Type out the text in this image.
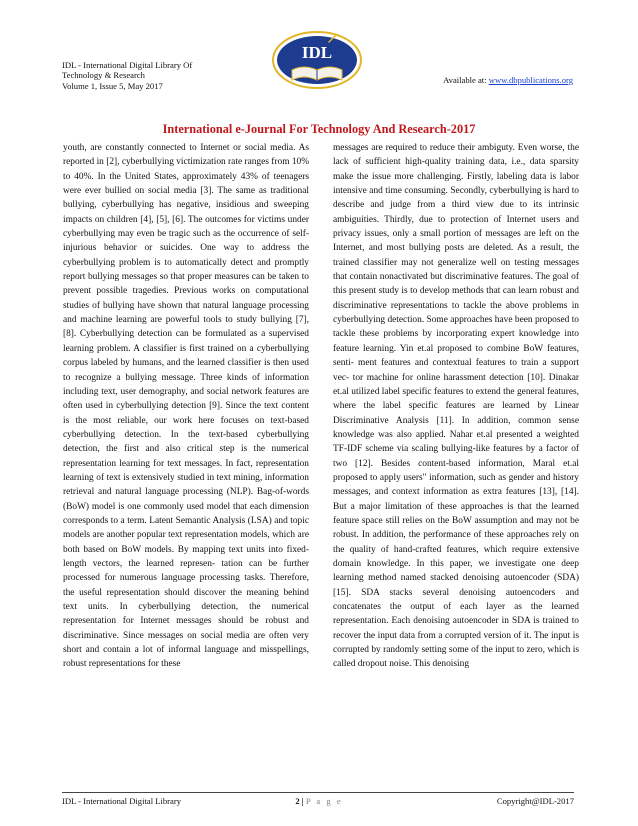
IDL - International Digital Library Of
Technology & Research
Volume 1, Issue 5, May 2017
IDL
Available at: www.dbpublications.org
International e-Journal For Technology And Research-2017

youth, are constantly connected to Internet or social media. As reported in [2], cyberbullying victimization rate ranges from 10% to 40%. In the United States, approximately 43% of teenagers were ever bullied on social media [3]. The same as traditional bullying, cyberbullying has negative, insidious and sweeping impacts on children [4], [5], [6]. The outcomes for victims under cyberbullying may even be tragic such as the occurrence of self-injurious behavior or suicides. One way to address the cyberbullying problem is to automatically detect and promptly report bullying messages so that proper measures can be taken to prevent possible tragedies. Previous works on computational studies of bullying have shown that natural language processing and machine learning are powerful tools to study bullying [7], [8]. Cyberbullying detection can be formulated as a supervised learning problem. A classifier is first trained on a cyberbullying corpus labeled by humans, and the learned classifier is then used to recognize a bullying message. Three kinds of information including text, user demography, and social network features are often used in cyberbullying detection [9]. Since the text content is the most reliable, our work here focuses on text-based cyberbullying detection. In the text-based cyberbullying detection, the first and also critical step is the numerical representation learning for text messages. In fact, representation learning of text is extensively studied in text mining, information retrieval and natural language processing (NLP). Bag-of-words (BoW) model is one commonly used model that each dimension corresponds to a term. Latent Semantic Analysis (LSA) and topic models are another popular text representation models, which are both based on BoW models. By mapping text units into fixed-length vectors, the learned represen- tation can be further processed for numerous language processing tasks. Therefore, the useful representation should discover the meaning behind text units. In cyberbullying detection, the numerical representation for Internet messages should be robust and discriminative. Since messages on social media are often very short and contain a lot of informal language and misspellings, robust representations for these

messages are required to reduce their ambiguty. Even worse, the lack of sufficient high-quality training data, i.e., data sparsity make the issue more challenging. Firstly, labeling data is labor intensive and time consuming. Secondly, cyberbullying is hard to describe and judge from a third view due to its intrinsic ambiguities. Thirdly, due to protection of Internet users and privacy issues, only a small portion of messages are left on the Internet, and most bullying posts are deleted. As a result, the trained classifier may not generalize well on testing messages that contain nonactivated but discriminative features. The goal of this present study is to develop methods that can learn robust and discriminative representations to tackle the above problems in cyberbullying detection. Some approaches have been proposed to tackle these problems by incorporating expert knowledge into feature learning. Yin et.al proposed to combine BoW features, senti- ment features and contextual features to train a support vec- tor machine for online harassment detection [10]. Dinakar et.al utilized label specific features to extend the general features, where the label specific features are learned by Linear Discriminative Analysis [11]. In addition, common sense knowledge was also applied. Nahar et.al presented a weighted TF-IDF scheme via scaling bullying-like features by a factor of two [12]. Besides content-based information, Maral et.al proposed to apply users" information, such as gender and history messages, and context information as extra features [13], [14]. But a major limitation of these approaches is that the learned feature space still relies on the BoW assumption and may not be robust. In addition, the performance of these approaches rely on the quality of hand-crafted features, which require extensive domain knowledge. In this paper, we investigate one deep learning method named stacked denoising autoencoder (SDA) [15]. SDA stacks several denoising autoencoders and concatenates the output of each layer as the learned representation. Each denoising autoencoder in SDA is trained to recover the input data from a corrupted version of it. The input is corrupted by randomly setting some of the input to zero, which is called dropout noise. This denoising

IDL - International Digital Library	2 | P a g e	Copyright@IDL-2017
